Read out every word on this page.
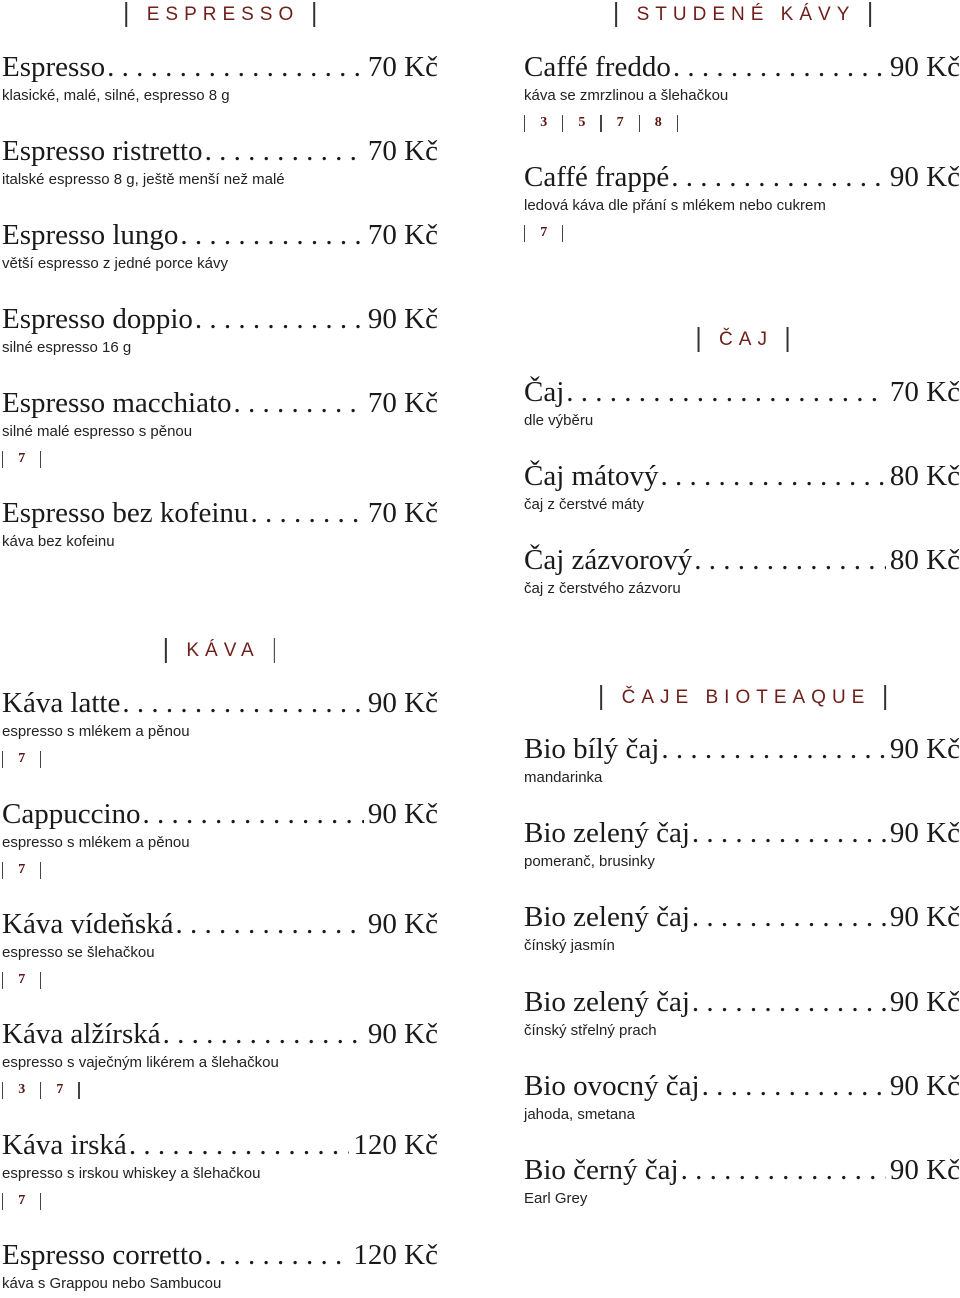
ESPRESSO
Espresso . . .	70 Kč
klasické, malé, silné, espresso 8 g
Espresso ristretto . . .	70 Kč
italské espresso 8 g, ještě menší než malé
Espresso lungo . . .	70 Kč
větší espresso z jedné porce kávy
Espresso doppio . . .	90 Kč
silné espresso 16 g
Espresso macchiato . . .	70 Kč
silné malé espresso s pěnou
7
Espresso bez kofeinu . . .	70 Kč
káva bez kofeinu
KÁVA
Káva latte . . .	90 Kč
espresso s mlékem a pěnou
7
Cappuccino . . .	90 Kč
espresso s mlékem a pěnou
7
Káva vídeňská . . .	90 Kč
espresso se šlehačkou
7
Káva alžírská . . .	90 Kč
espresso s vaječným likérem a šlehačkou
3	7
Káva irská . . .	120 Kč
espresso s irskou whiskey a šlehačkou
7
Espresso corretto . . .	120 Kč
káva s Grappou nebo Sambucou
STUDENÉ KÁVY
Caffé freddo . . .	90 Kč
káva se zmrzlinou a šlehačkou
3	5	7	8
Caffé frappé . . .	90 Kč
ledová káva dle přání s mlékem nebo cukrem
7
ČAJ
Čaj . . .	70 Kč
dle výběru
Čaj mátový . . .	80 Kč
čaj z čerstvé máty
Čaj zázvorový . . .	80 Kč
čaj z čerstvého zázvoru
ČAJE BIOTEAQUE
Bio bílý čaj . . .	90 Kč
mandarinka
Bio zelený čaj . . .	90 Kč
pomeranč, brusinky
Bio zelený čaj . . .	90 Kč
čínský jasmín
Bio zelený čaj . . .	90 Kč
čínský střelný prach
Bio ovocný čaj . . .	90 Kč
jahoda, smetana
Bio černý čaj . . .	90 Kč
Earl Grey
